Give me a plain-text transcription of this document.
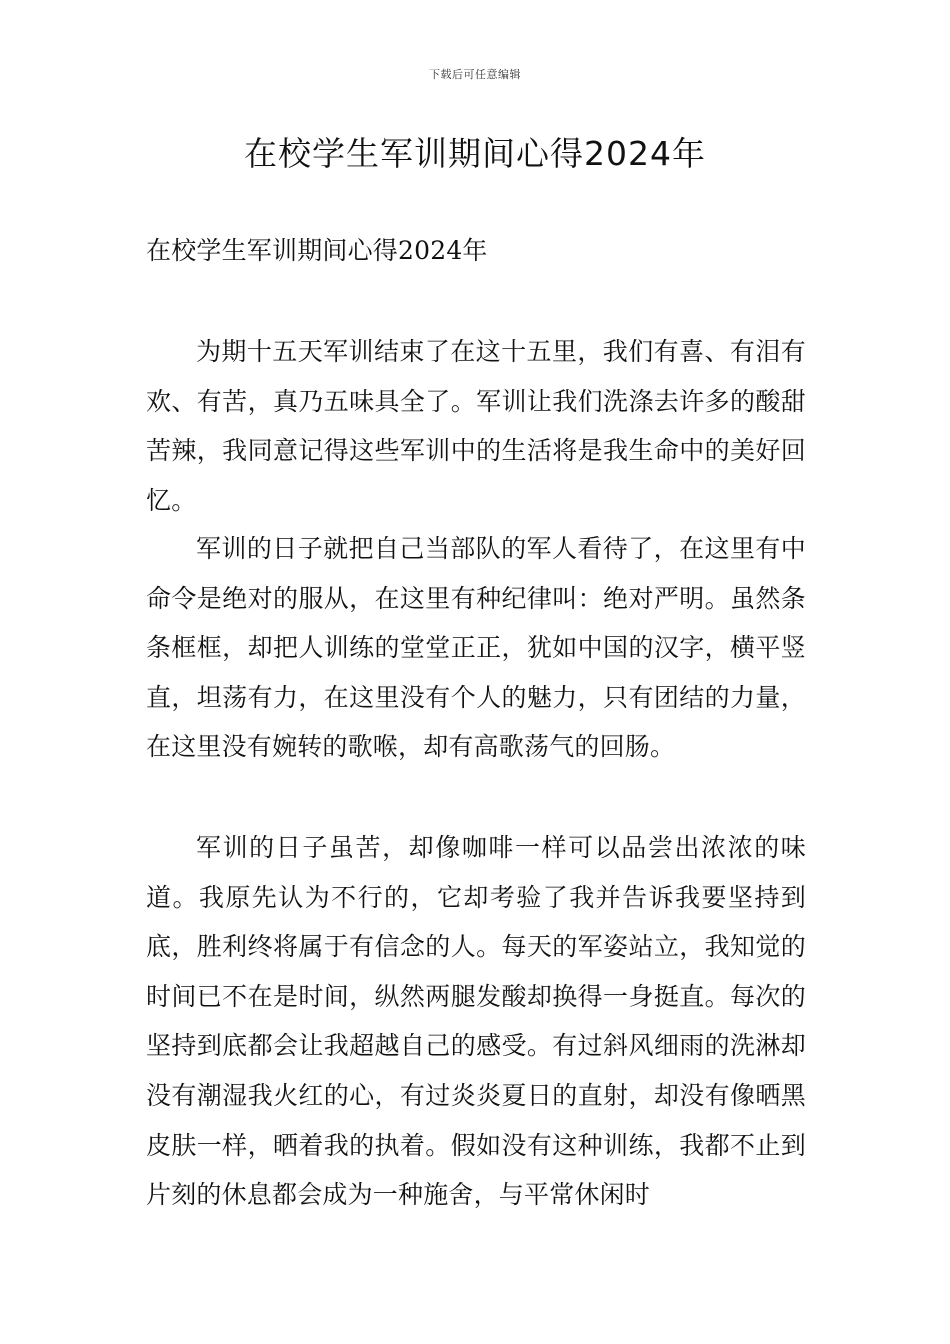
下载后可任意编辑
在校学生军训期间心得2024年
在校学生军训期间心得2024年

为期十五天军训结束了在这十五里，我们有喜、有泪有欢、有苦，真乃五味具全了。军训让我们洗涤去许多的酸甜苦辣，我同意记得这些军训中的生活将是我生命中的美好回忆。

军训的日子就把自己当部队的军人看待了，在这里有中命令是绝对的服从，在这里有种纪律叫：绝对严明。虽然条条框框，却把人训练的堂堂正正，犹如中国的汉字，横平竖直，坦荡有力，在这里没有个人的魅力，只有团结的力量，在这里没有婉转的歌喉，却有高歌荡气的回肠。

军训的日子虽苦，却像咖啡一样可以品尝出浓浓的味道。我原先认为不行的，它却考验了我并告诉我要坚持到底，胜利终将属于有信念的人。每天的军姿站立，我知觉的时间已不在是时间，纵然两腿发酸却换得一身挺直。每次的坚持到底都会让我超越自己的感受。有过斜风细雨的洗淋却没有潮湿我火红的心，有过炎炎夏日的直射，却没有像晒黑皮肤一样，晒着我的执着。假如没有这种训练，我都不止到片刻的休息都会成为一种施舍，与平常休闲时
